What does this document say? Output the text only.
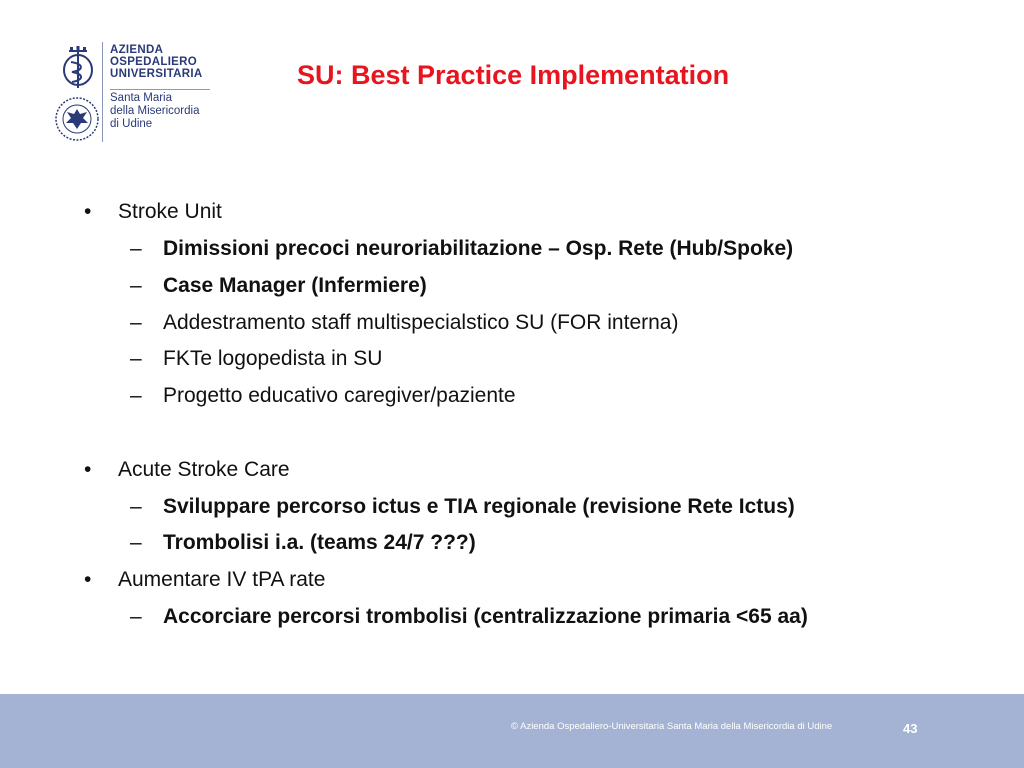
AZIENDA
OSPEDALIERO
UNIVERSITARIA
Santa Maria
della Misericordia
di Udine
SU: Best Practice Implementation
• Stroke Unit
– Dimissioni precoci neuroriabilitazione – Osp. Rete (Hub/Spoke)
– Case Manager (Infermiere)
– Addestramento staff multispecialstico SU (FOR interna)
– FKTe logopedista in SU
– Progetto educativo caregiver/paziente
• Acute Stroke Care
– Sviluppare percorso ictus e TIA regionale (revisione Rete Ictus)
– Trombolisi i.a. (teams 24/7 ???)
• Aumentare IV tPA rate
– Accorciare percorsi trombolisi (centralizzazione primaria <65 aa)
© Azienda Ospedaliero-Universitaria Santa Maria della Misericordia di Udine	43
